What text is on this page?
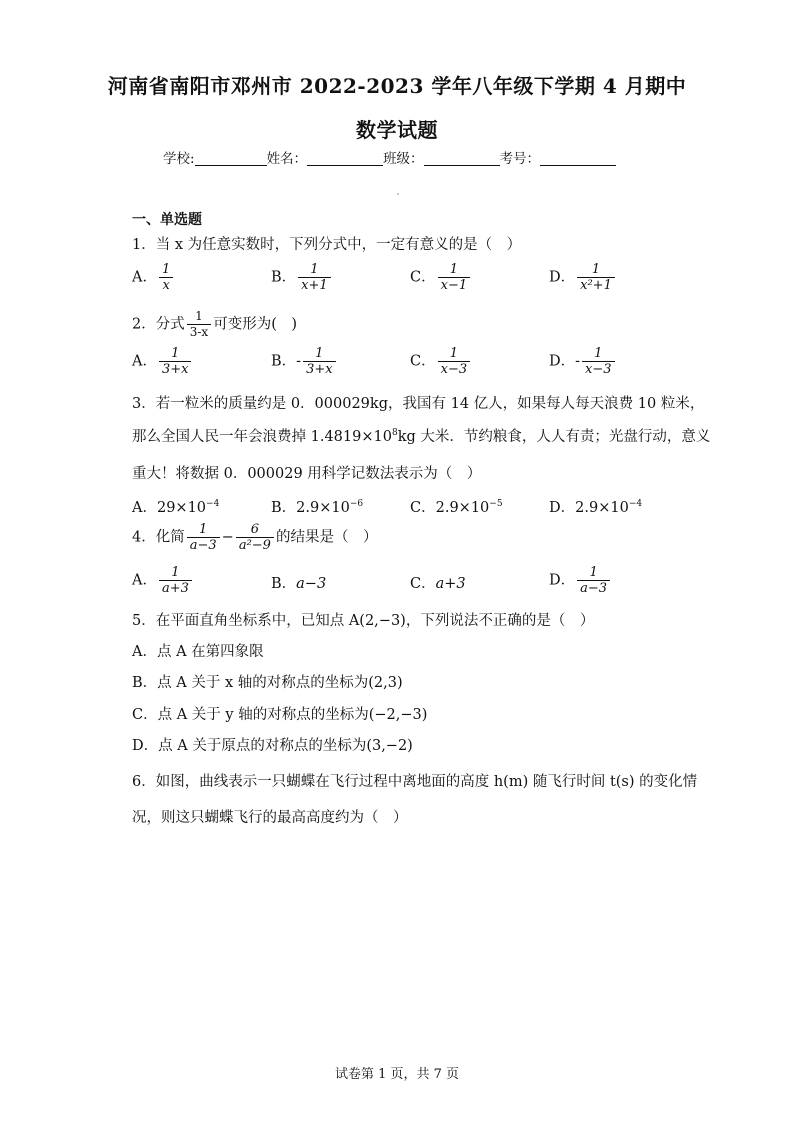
河南省南阳市邓州市 2022-2023 学年八年级下学期 4 月期中
数学试题
学校:	姓名：	班级：	考号：
一、单选题
1．当 x 为任意实数时，下列分式中，一定有意义的是（　）
A． $\frac{1}{x}$	B． $\frac{1}{x+1}$	C． $\frac{1}{x-1}$	D． $\frac{1}{\text{x²+1}}$
2．分式 $\frac{1}{3-x}$ 可变形为(　)
A． $\frac{1}{3+x}$	B．- $\frac{1}{3+x}$	C． $\frac{1}{x-3}$	D．- $\frac{1}{x-3}$
3．若一粒米的质量约是 0．000029kg，我国有 14 亿人，如果每人每天浪费 10 粒米，
那么全国人民一年会浪费掉 $1.4819\times 10^8kg$ 大米．节约粮食，人人有责；光盘行动，意义
重大！将数据 0．000029 用科学记数法表示为（　）
A．$29\times 10^{-4}$	B．$2.9\times 10^{-6}$	C．$2.9\times 10^{-5}$	D．$2.9\times 10^{-4}$
4．化简 $\frac{1}{a-3} - \frac{6}{\text{a²−9}}$ 的结果是（　）
A． $\frac{1}{a+3}$	B．a−3	C．a+3	D． $\frac{1}{a-3}$
5．在平面直角坐标系中，已知点 A(2,−3)，下列说法不正确的是（　）
A．点 A 在第四象限
B．点 A 关于 x 轴的对称点的坐标为(2,3)
C．点 A 关于 y 轴的对称点的坐标为(−2,−3)
D．点 A 关于原点的对称点的坐标为(3,−2)
6．如图，曲线表示一只蝴蝶在飞行过程中离地面的高度 h(m) 随飞行时间 t(s) 的变化情
况，则这只蝴蝶飞行的最高高度约为（　）
试卷第 1 页，共 7 页
